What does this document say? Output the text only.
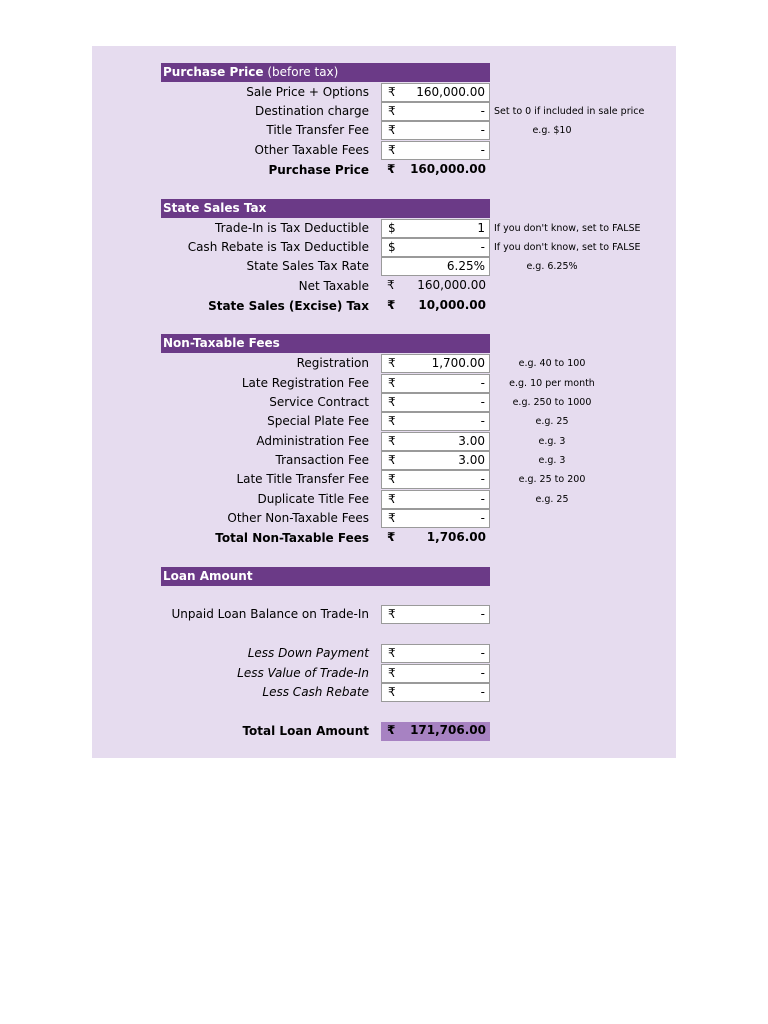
Purchase Price (before tax)
Sale Price + Options ₹ 160,000.00
Destination charge ₹	- Set to 0 if included in sale price
Title Transfer Fee ₹	-	e.g. $10
Other Taxable Fees ₹	-
Purchase Price ₹ 160,000.00
State Sales Tax
Trade-In is Tax Deductible $	1 If you don't know, set to FALSE
Cash Rebate is Tax Deductible $	- If you don't know, set to FALSE
State Sales Tax Rate	6.25%	e.g. 6.25%
Net Taxable ₹ 160,000.00
State Sales (Excise) Tax ₹ 10,000.00
Non-Taxable Fees
Registration ₹	1,700.00	e.g. 40 to 100
Late Registration Fee ₹	-	e.g. 10 per month
Service Contract ₹	-	e.g. 250 to 1000
Special Plate Fee ₹	-	e.g. 25
Administration Fee ₹	3.00	e.g. 3
Transaction Fee ₹	3.00	e.g. 3
Late Title Transfer Fee ₹	-	e.g. 25 to 200
Duplicate Title Fee ₹	-	e.g. 25
Other Non-Taxable Fees ₹	-
Total Non-Taxable Fees ₹	1,706.00
Loan Amount
Unpaid Loan Balance on Trade-In ₹	-
Less Down Payment ₹	-
Less Value of Trade-In ₹	-
Less Cash Rebate ₹	-
Total Loan Amount ₹ 171,706.00
